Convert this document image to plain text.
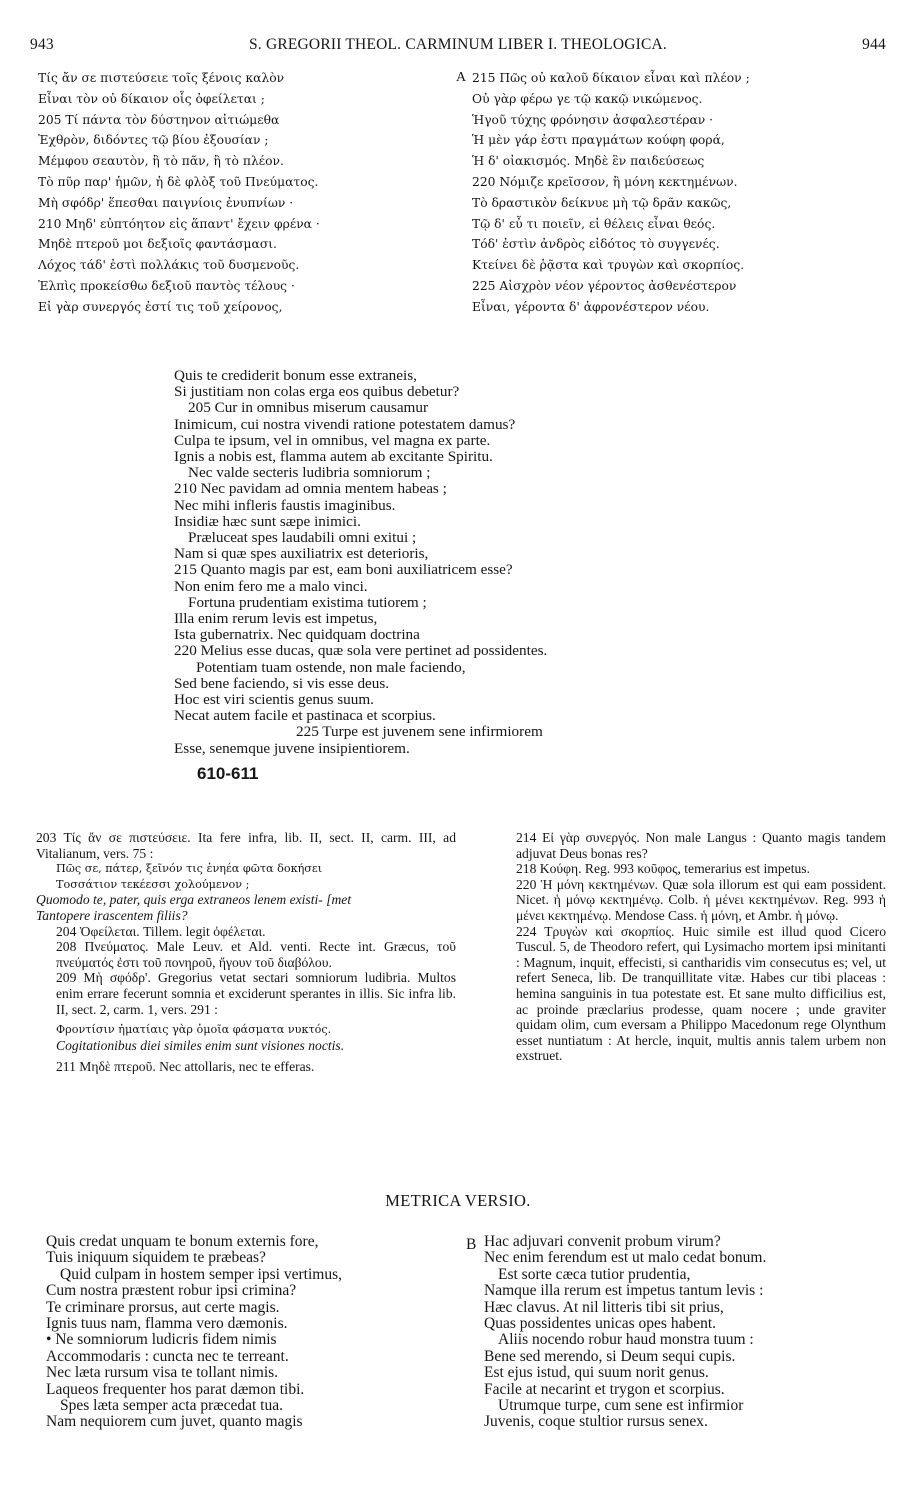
943	S. GREGORII THEOL. CARMINUM LIBER I. THEOLOGICA.	944
Τίς ἄν σε πιστεύσειε τοῖς ξένοις καλὸν
Εἶναι τὸν οὐ δίκαιον οἷς ὀφείλεται ;
205 Τί πάντα τὸν δύστηνον αἰτιώμεθα
Ἐχθρὸν, διδόντες τῷ βίου ἐξουσίαν ;
Μέμφου σεαυτὸν, ἢ τὸ πᾶν, ἢ τὸ πλέον.
Τὸ πῦρ παρ' ἡμῶν, ἡ δὲ φλὸξ τοῦ Πνεύματος.
Μὴ σφόδρ' ἕπεσθαι παιγνίοις ἐνυπνίων ·
210 Μηδ' εὐπτόητον εἰς ἅπαντ' ἔχειν φρένα ·
Μηδὲ πτεροῦ μοι δεξιοῖς φαντάσμασι.
Λόχος τάδ' ἐστὶ πολλάκις τοῦ δυσμενοῦς.
Ἐλπὶς προκείσθω δεξιοῦ παντὸς τέλους ·
Εἰ γὰρ συνεργός ἐστί τις τοῦ χείρονος,
A 215 Πῶς οὐ καλοῦ δίκαιον εἶναι καὶ πλέον ;
Οὐ γὰρ φέρω γε τῷ κακῷ νικώμενος.
Ἡγοῦ τύχης φρόνησιν ἀσφαλεστέραν ·
Ἡ μὲν γάρ ἐστι πραγμάτων κούφη φορά,
Ἡ δ' οἰακισμός. Μηδὲ ἓν παιδεύσεως
220 Νόμιζε κρεῖσσον, ἢ μόνη κεκτημένων.
Τὸ δραστικὸν δείκνυε μὴ τῷ δρᾶν κακῶς,
Τῷ δ' εὖ τι ποιεῖν, εἰ θέλεις εἶναι θεός.
Τόδ' ἐστὶν ἀνδρὸς εἰδότος τὸ συγγενές.
Κτείνει δὲ ῥᾷστα καὶ τρυγὼν καὶ σκορπίος.
225 Αἰσχρὸν νέον γέροντος ἀσθενέστερον
Εἶναι, γέροντα δ' ἀφρονέστερον νέου.
Quis te crediderit bonum esse extraneis,
Si justitiam non colas erga eos quibus debetur?
205 Cur in omnibus miserum causamur
Inimicum, cui nostra vivendi ratione potestatem damus?
Culpa te ipsum, vel in omnibus, vel magna ex parte.
Ignis a nobis est, flamma autem ab excitante Spiritu.
Nec valde secteris ludibria somniorum ;
210 Nec pavidam ad omnia mentem habeas ;
Nec mihi infleris faustis imaginibus.
Insidiæ hæc sunt sæpe inimici.
Præluceat spes laudabili omni exitui ;
Nam si quæ spes auxiliatrix est deterioris,
215 Quanto magis par est, eam boni auxiliatricem esse?
Non enim fero me a malo vinci.
Fortuna prudentiam existima tutiorem ;
Illa enim rerum levis est impetus,
Ista gubernatrix. Nec quidquam doctrina
220 Melius esse ducas, quæ sola vere pertinet ad possidentes.
Potentiam tuam ostende, non male faciendo,
Sed bene faciendo, si vis esse deus.
Hoc est viri scientis genus suum.
Necat autem facile et pastinaca et scorpius.
225 Turpe est juvenem sene infirmiorem
Esse, senemque juvene insipientiorem.
610-611

203 Τίς ἄν σε πιστεύσειε. Ita fere infra, lib. II, sect. II, carm. III, ad Vitalianum, vers. 75 :

Πῶς σε, πάτερ, ξεῖνόν τις ἐνηέα φῶτα δοκήσει

Τοσσάτιον τεκέεσσι χολούμενον ;

Quomodo te, pater, quis erga extraneos lenem existi- [met

Tantopere irascentem filiis?

204 Ὀφείλεται. Tillem. legit ὀφέλεται.

208 Πνεύματος. Male Leuv. et Ald. venti. Recte int. Græcus, τοῦ πνεύματός ἐστι τοῦ πονηροῦ, ἤγουν τοῦ διαβόλου.

209 Μὴ σφόδρ'. Gregorius vetat sectari somniorum ludibria. Multos enim errare fecerunt somnia et exciderunt sperantes in illis. Sic infra lib. II, sect. 2, carm. 1, vers. 291 :

Φροντίσιν ἠματίαις γὰρ ὁμοῖα φάσματα νυκτός.

Cogitationibus diei similes enim sunt visiones noctis.

211 Μηδὲ πτεροῦ. Nec attollaris, nec te efferas.

214 Εἰ γὰρ συνεργός. Non male Langus : Quanto magis tandem adjuvat Deus bonas res?

218 Κούφη. Reg. 993 κοῦφος, temerarius est impetus.

220 Ἡ μόνη κεκτημένων. Quæ sola illorum est qui eam possident. Nicet. ἡ μόνῳ κεκτημένῳ. Colb. ἡ μένει κεκτημένων. Reg. 993 ἡ μένει κεκτημένῳ. Mendose Cass. ἡ μόνη, et Ambr. ἡ μόνῳ.

224 Τρυγὼν καὶ σκορπίος. Huic simile est illud quod Cicero Tuscul. 5, de Theodoro refert, qui Lysimacho mortem ipsi minitanti : Magnum, inquit, effecisti, si cantharidis vim consecutus es; vel, ut refert Seneca, lib. De tranquillitate vitæ. Habes cur tibi placeas : hemina sanguinis in tua potestate est. Et sane multo difficilius est, ac proinde præclarius prodesse, quam nocere ; unde graviter quidam olim, cum eversam a Philippo Macedonum rege Olynthum esset nuntiatum : At hercle, inquit, multis annis talem urbem non exstruet.

METRICA VERSIO.
Quis credat unquam te bonum externis fore,
Tuis iniquum siquidem te præbeas?
Quid culpam in hostem semper ipsi vertimus,
Cum nostra præstent robur ipsi crimina?
Te criminare prorsus, aut certe magis.
Ignis tuus nam, flamma vero dæmonis.
• Ne somniorum ludicris fidem nimis
Accommodaris : cuncta nec te terreant.
Nec læta rursum visa te tollant nimis.
Laqueos frequenter hos parat dæmon tibi.
Spes læta semper acta præcedat tua.
Nam nequiorem cum juvet, quanto magis
B Hac adjuvari convenit probum virum?
Nec enim ferendum est ut malo cedat bonum.
Est sorte cæca tutior prudentia,
Namque illa rerum est impetus tantum levis :
Hæc clavus. At nil litteris tibi sit prius,
Quas possidentes unicas opes habent.
Aliis nocendo robur haud monstra tuum :
Bene sed merendo, si Deum sequi cupis.
Est ejus istud, qui suum norit genus.
Facile at necarint et trygon et scorpius.
Utrumque turpe, cum sene est infirmior
Juvenis, coque stultior rursus senex.
